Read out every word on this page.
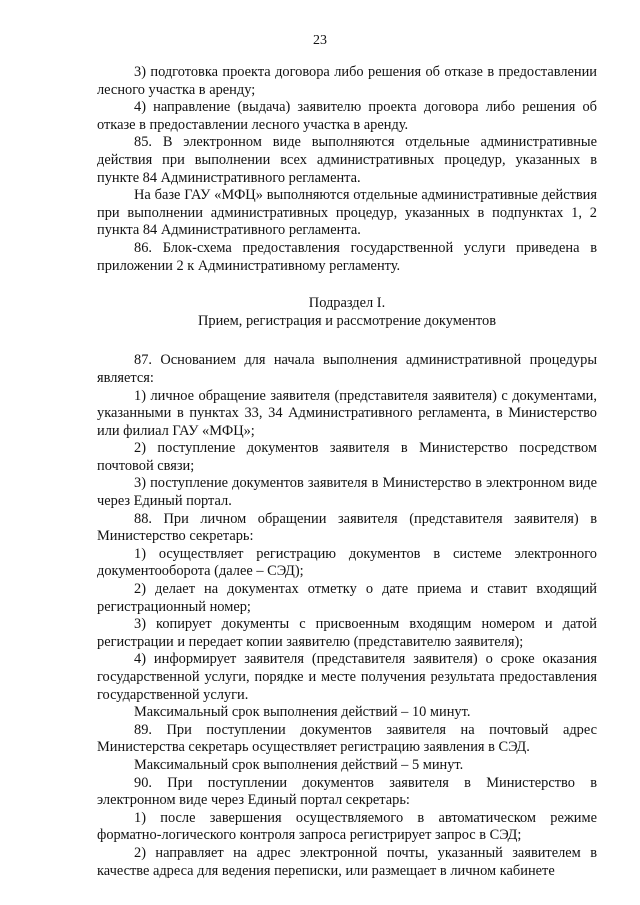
23

3) подготовка проекта договора либо решения об отказе в предоставлении лесного участка в аренду;

4) направление (выдача) заявителю проекта договора либо решения об отказе в предоставлении лесного участка в аренду.

85. В электронном виде выполняются отдельные административные действия при выполнении всех административных процедур, указанных в пункте 84 Административного регламента.

На базе ГАУ «МФЦ» выполняются отдельные административные действия при выполнении административных процедур, указанных в подпунктах 1, 2 пункта 84 Административного регламента.

86. Блок-схема предоставления государственной услуги приведена в приложении 2 к Административному регламенту.

Подраздел I.

Прием, регистрация и рассмотрение документов

87. Основанием для начала выполнения административной процедуры является:

1) личное обращение заявителя (представителя заявителя) с документами, указанными в пунктах 33, 34 Административного регламента, в Министерство или филиал ГАУ «МФЦ»;

2) поступление документов заявителя в Министерство посредством почтовой связи;

3) поступление документов заявителя в Министерство в электронном виде через Единый портал.

88. При личном обращении заявителя (представителя заявителя) в Министерство секретарь:

1) осуществляет регистрацию документов в системе электронного документооборота (далее – СЭД);

2) делает на документах отметку о дате приема и ставит входящий регистрационный номер;

3) копирует документы с присвоенным входящим номером и датой регистрации и передает копии заявителю (представителю заявителя);

4) информирует заявителя (представителя заявителя) о сроке оказания государственной услуги, порядке и месте получения результата предоставления государственной услуги.

Максимальный срок выполнения действий – 10 минут.

89. При поступлении документов заявителя на почтовый адрес Министерства секретарь осуществляет регистрацию заявления в СЭД.

Максимальный срок выполнения действий – 5 минут.

90. При поступлении документов заявителя в Министерство в электронном виде через Единый портал секретарь:

1) после завершения осуществляемого в автоматическом режиме форматно-логического контроля запроса регистрирует запрос в СЭД;

2) направляет на адрес электронной почты, указанный заявителем в качестве адреса для ведения переписки, или размещает в личном кабинете
